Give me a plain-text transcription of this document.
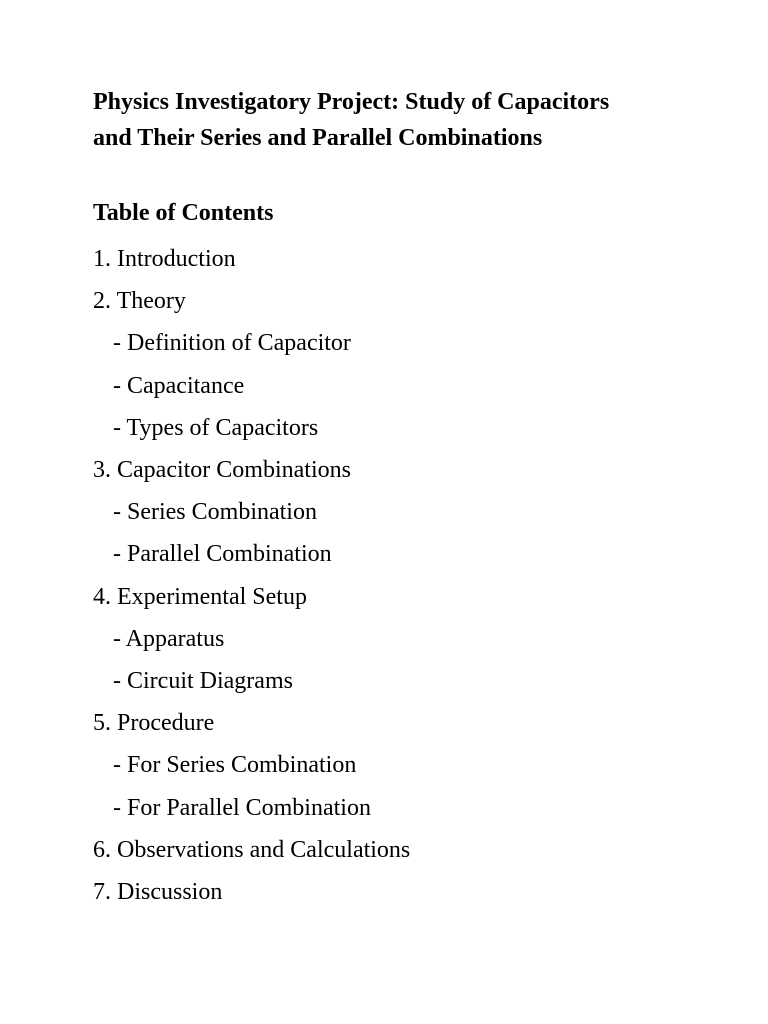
Physics Investigatory Project: Study of Capacitors and Their Series and Parallel Combinations
Table of Contents
1. Introduction
2. Theory
- Definition of Capacitor
- Capacitance
- Types of Capacitors
3. Capacitor Combinations
- Series Combination
- Parallel Combination
4. Experimental Setup
- Apparatus
- Circuit Diagrams
5. Procedure
- For Series Combination
- For Parallel Combination
6. Observations and Calculations
7. Discussion
